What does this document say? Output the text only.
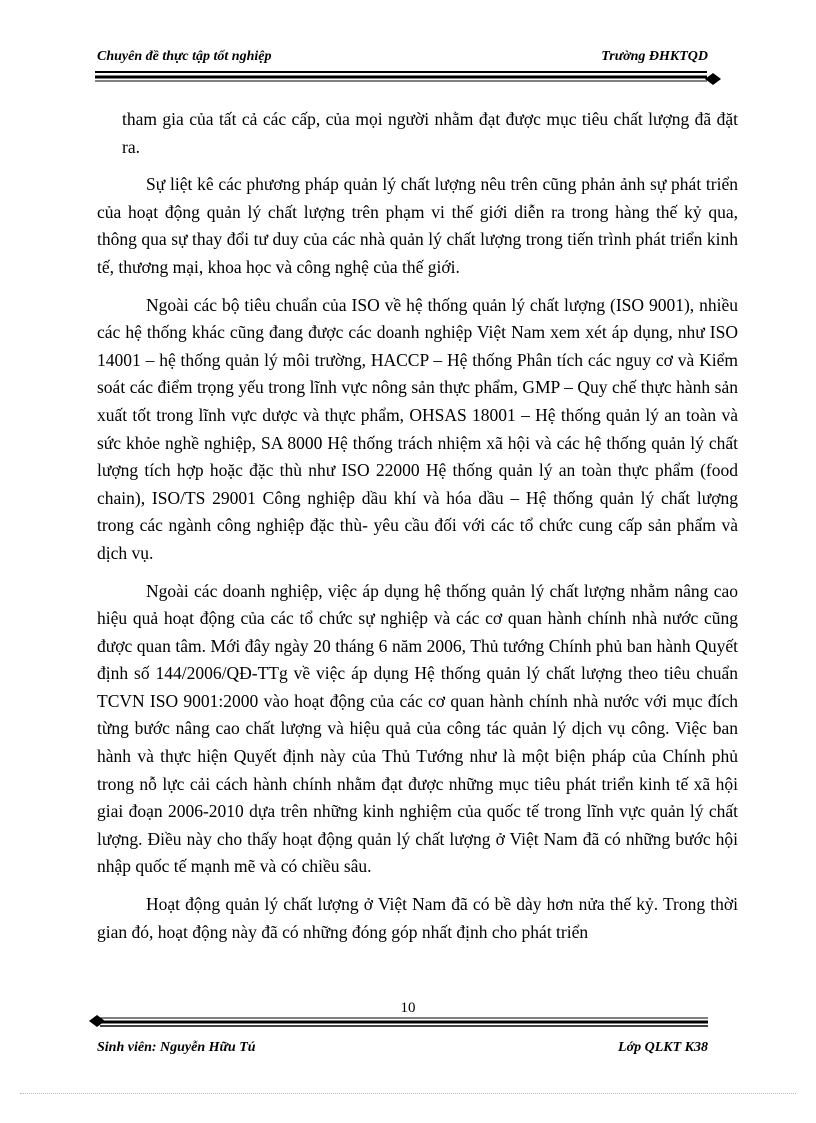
Chuyên đề thực tập tốt nghiệp	Trường ĐHKTQD

tham gia của tất cả các cấp, của mọi người nhằm đạt được mục tiêu chất lượng đã đặt ra.

Sự liệt kê các phương pháp quản lý chất lượng nêu trên cũng phản ảnh sự phát triển của hoạt động quản lý chất lượng trên phạm vi thế giới diễn ra trong hàng thế kỷ qua, thông qua sự thay đổi tư duy của các nhà quản lý chất lượng trong tiến trình phát triển kinh tế, thương mại, khoa học và công nghệ của thế giới.

Ngoài các bộ tiêu chuẩn của ISO về hệ thống quản lý chất lượng (ISO 9001), nhiều các hệ thống khác cũng đang được các doanh nghiệp Việt Nam xem xét áp dụng, như ISO 14001 – hệ thống quản lý môi trường, HACCP – Hệ thống Phân tích các nguy cơ và Kiểm soát các điểm trọng yếu trong lĩnh vực nông sản thực phẩm, GMP – Quy chế thực hành sản xuất tốt trong lĩnh vực dược và thực phẩm, OHSAS 18001 – Hệ thống quản lý an toàn và sức khỏe nghề nghiệp, SA 8000 Hệ thống trách nhiệm xã hội và các hệ thống quản lý chất lượng tích hợp hoặc đặc thù như ISO 22000 Hệ thống quản lý an toàn thực phẩm (food chain), ISO/TS 29001 Công nghiệp dầu khí và hóa dầu – Hệ thống quản lý chất lượng trong các ngành công nghiệp đặc thù- yêu cầu đối với các tổ chức cung cấp sản phẩm và dịch vụ.

Ngoài các doanh nghiệp, việc áp dụng hệ thống quản lý chất lượng nhằm nâng cao hiệu quả hoạt động của các tổ chức sự nghiệp và các cơ quan hành chính nhà nước cũng được quan tâm. Mới đây ngày 20 tháng 6 năm 2006, Thủ tướng Chính phủ ban hành Quyết định số 144/2006/QĐ-TTg về việc áp dụng Hệ thống quản lý chất lượng theo tiêu chuẩn TCVN ISO 9001:2000 vào hoạt động của các cơ quan hành chính nhà nước với mục đích từng bước nâng cao chất lượng và hiệu quả của công tác quản lý dịch vụ công. Việc ban hành và thực hiện Quyết định này của Thủ Tướng như là một biện pháp của Chính phủ trong nỗ lực cải cách hành chính nhằm đạt được những mục tiêu phát triển kinh tế xã hội giai đoạn 2006-2010 dựa trên những kinh nghiệm của quốc tế trong lĩnh vực quản lý chất lượng. Điều này cho thấy hoạt động quản lý chất lượng ở Việt Nam đã có những bước hội nhập quốc tế mạnh mẽ và có chiều sâu.

Hoạt động quản lý chất lượng ở Việt Nam đã có bề dày hơn nửa thế kỷ. Trong thời gian đó, hoạt động này đã có những đóng góp nhất định cho phát triển

10
Sinh viên: Nguyễn Hữu Tú	Lớp QLKT K38
